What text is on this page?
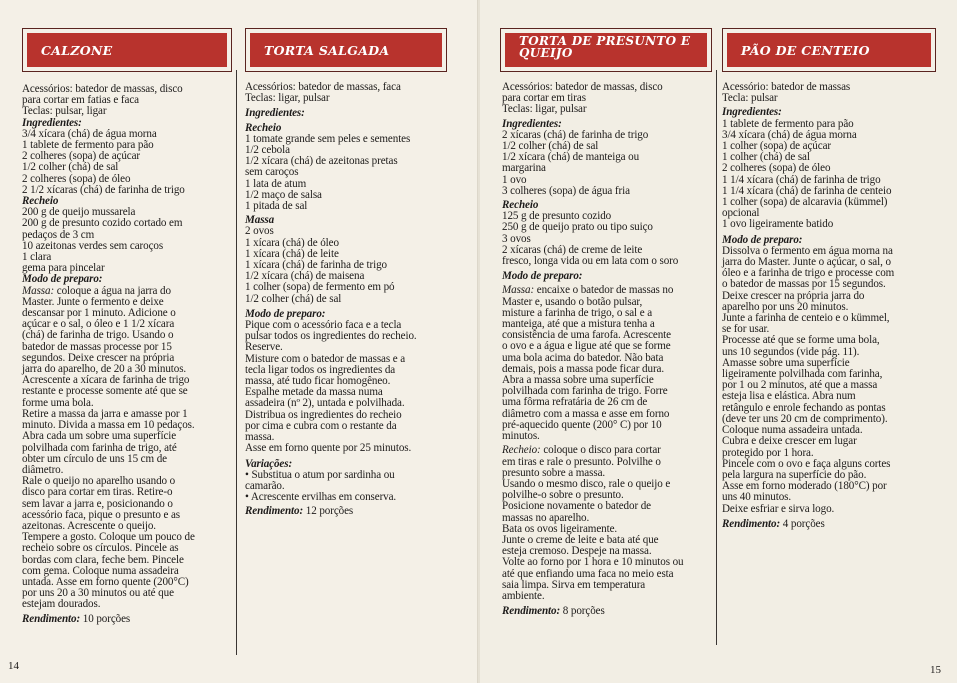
CALZONE

Acessórios: batedor de massas, disco
para cortar em fatias e faca
Teclas: pulsar, ligar

Ingredientes:

3/4 xícara (chá) de água morna
1 tablete de fermento para pão
2 colheres (sopa) de açúcar
1/2 colher (chá) de sal
2 colheres (sopa) de óleo
2 1/2 xícaras (chá) de farinha de trigo

Recheio

200 g de queijo mussarela
200 g de presunto cozido cortado em
pedaços de 3 cm
10 azeitonas verdes sem caroços
1 clara
gema para pincelar

Modo de preparo:

Massa: coloque a água na jarra do
Master. Junte o fermento e deixe
descansar por 1 minuto. Adicione o
açúcar e o sal, o óleo e 1 1/2 xícara
(chá) de farinha de trigo. Usando o
batedor de massas processe por 15
segundos. Deixe crescer na própria
jarra do aparelho, de 20 a 30 minutos.
Acrescente a xícara de farinha de trigo
restante e processe somente até que se
forme uma bola.
Retire a massa da jarra e amasse por 1
minuto. Divida a massa em 10 pedaços.
Abra cada um sobre uma superfície
polvilhada com farinha de trigo, até
obter um círculo de uns 15 cm de
diâmetro.
Rale o queijo no aparelho usando o
disco para cortar em tiras. Retire-o
sem lavar a jarra e, posicionando o
acessório faca, pique o presunto e as
azeitonas. Acrescente o queijo.
Tempere a gosto. Coloque um pouco de
recheio sobre os círculos. Pincele as
bordas com clara, feche bem. Pincele
com gema. Coloque numa assadeira
untada. Asse em forno quente (200°C)
por uns 20 a 30 minutos ou até que
estejam dourados.

Rendimento: 10 porções

TORTA SALGADA

Acessórios: batedor de massas, faca
Teclas: ligar, pulsar

Ingredientes:

Recheio

1 tomate grande sem peles e sementes
1/2 cebola
1/2 xícara (chá) de azeitonas pretas
sem caroços
1 lata de atum
1/2 maço de salsa
1 pitada de sal

Massa

2 ovos
1 xícara (chá) de óleo
1 xícara (chá) de leite
1 xícara (chá) de farinha de trigo
1/2 xícara (chá) de maisena
1 colher (sopa) de fermento em pó
1/2 colher (chá) de sal

Modo de preparo:

Pique com o acessório faca e a tecla
pulsar todos os ingredientes do recheio.
Reserve.
Misture com o batedor de massas e a
tecla ligar todos os ingredientes da
massa, até tudo ficar homogêneo.
Espalhe metade da massa numa
assadeira (nº 2), untada e polvilhada.
Distribua os ingredientes do recheio
por cima e cubra com o restante da
massa.
Asse em forno quente por 25 minutos.

Variações:

• Substitua o atum por sardinha ou
camarão.
• Acrescente ervilhas em conserva.

Rendimento: 12 porções

14
TORTA DE PRESUNTO E
QUEIJO

Acessórios: batedor de massas, disco
para cortar em tiras
Teclas: ligar, pulsar

Ingredientes:

2 xícaras (chá) de farinha de trigo
1/2 colher (chá) de sal
1/2 xícara (chá) de manteiga ou
margarina
1 ovo
3 colheres (sopa) de água fria

Recheio

125 g de presunto cozido
250 g de queijo prato ou tipo suiço
3 ovos
2 xícaras (chá) de creme de leite
fresco, longa vida ou em lata com o soro

Modo de preparo:

Massa: encaixe o batedor de massas no
Master e, usando o botão pulsar,
misture a farinha de trigo, o sal e a
manteiga, até que a mistura tenha a
consistência de uma farofa. Acrescente
o ovo e a água e ligue até que se forme
uma bola acima do batedor. Não bata
demais, pois a massa pode ficar dura.
Abra a massa sobre uma superfície
polvilhada com farinha de trigo. Forre
uma fôrma refratária de 26 cm de
diâmetro com a massa e asse em forno
pré-aquecido quente (200° C) por 10
minutos.

Recheio: coloque o disco para cortar
em tiras e rale o presunto. Polvilhe o
presunto sobre a massa.
Usando o mesmo disco, rale o queijo e
polvilhe-o sobre o presunto.
Posicione novamente o batedor de
massas no aparelho.
Bata os ovos ligeiramente.
Junte o creme de leite e bata até que
esteja cremoso. Despeje na massa.
Volte ao forno por 1 hora e 10 minutos ou
até que enfiando uma faca no meio esta
saia limpa. Sirva em temperatura
ambiente.

Rendimento: 8 porções

PÃO DE CENTEIO

Acessório: batedor de massas
Tecla: pulsar

Ingredientes:

1 tablete de fermento para pão
3/4 xícara (chá) de água morna
1 colher (sopa) de açúcar
1 colher (chá) de sal
2 colheres (sopa) de óleo
1 1/4 xícara (chá) de farinha de trigo
1 1/4 xícara (chá) de farinha de centeio
1 colher (sopa) de alcaravia (kümmel)
opcional
1 ovo ligeiramente batido

Modo de preparo:

Dissolva o fermento em água morna na
jarra do Master. Junte o açúcar, o sal, o
óleo e a farinha de trigo e processe com
o batedor de massas por 15 segundos.
Deixe crescer na própria jarra do
aparelho por uns 20 minutos.
Junte a farinha de centeio e o kümmel,
se for usar.
Processe até que se forme uma bola,
uns 10 segundos (vide pág. 11).
Amasse sobre uma superfície
ligeiramente polvilhada com farinha,
por 1 ou 2 minutos, até que a massa
esteja lisa e elástica. Abra num
retângulo e enrole fechando as pontas
(deve ter uns 20 cm de comprimento).
Coloque numa assadeira untada.
Cubra e deixe crescer em lugar
protegido por 1 hora.
Pincele com o ovo e faça alguns cortes
pela largura na superfície do pão.
Asse em forno moderado (180°C) por
uns 40 minutos.
Deixe esfriar e sirva logo.

Rendimento: 4 porções

15
